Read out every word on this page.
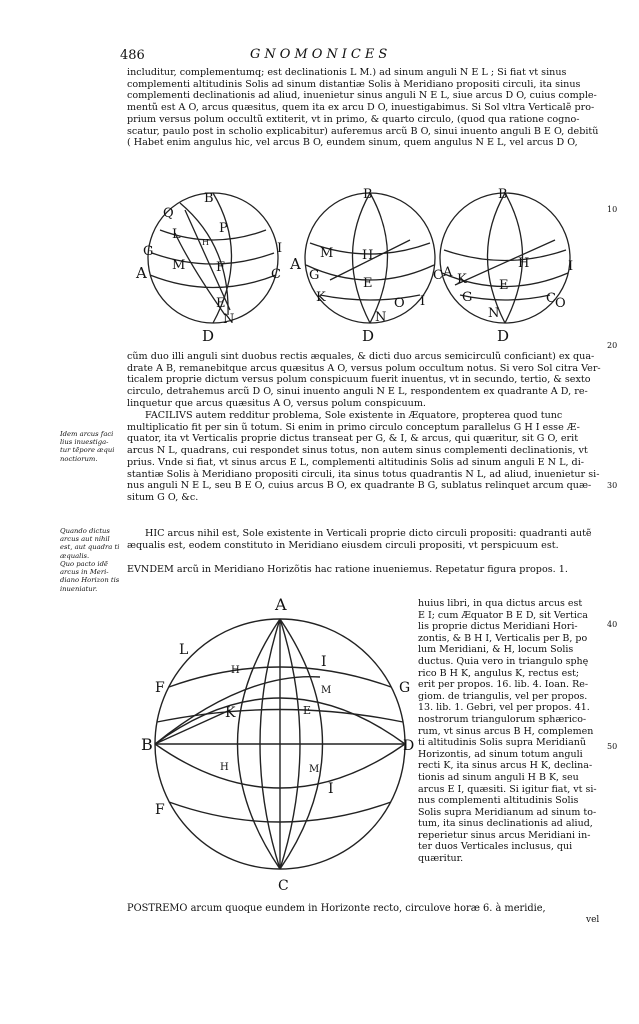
486	GNOMONICES
includitur, complementumq; est declinationis L M.) ad sinum anguli N E L ; Si fiat vt sinus
complementi altitudinis Solis ad sinum distantiæ Solis à Meridiano propositi circuli, ita sinus
complementi declinationis ad aliud, inuenietur sinus anguli N E L, siue arcus D O, cuius comple-
mentũ est A O, arcus quæsitus, quem ita ex arcu D O, inuestigabimus. Si Sol vltra Verticalẽ pro-
prium versus polum occultũ extiterit, vt in primo, & quarto circulo, (quod qua ratione cogno-
scatur, paulo post in scholio explicabitur) auferemus arcũ B O, sinui inuento anguli B E O, debitũ
( Habet enim angulus hic, vel arcus B O, eundem sinum, quem angulus N E L, vel arcus D O,
10
Q
B
P
L
H
G	I
M F
A	C
E
N
D
B
M H
A
G
K
E
O
C
I
N
D
B
H
A K
G
E
I
C
N
O
D
20
cũm duo illi anguli sint duobus rectis æquales, & dicti duo arcus semicirculũ conficiant) ex qua-
drate A B, remanebitque arcus quæsitus A O, versus polum occultum notus. Si vero Sol citra Ver-
ticalem proprie dictum versus polum conspicuum fuerit inuentus, vt in secundo, tertio, & sexto
circulo, detrahemus arcũ D O, sinui inuento anguli N E L, respondentem ex quadrante A D, re-
linquetur que arcus quæsitus A O, versus polum conspicuum.
FACILIVS autem redditur problema, Sole existente in Æquatore, propterea quod tunc
multiplicatio fit per sin ũ totum. Si enim in primo circulo conceptum parallelus G H I esse Æ-
quator, ita vt Verticalis proprie dictus transeat per G, & I, & arcus, qui quæritur, sit G O, erit
arcus N L, quadrans, cui respondet sinus totus, non autem sinus complementi declinationis, vt
prius. Vnde si fiat, vt sinus arcus E L, complementi altitudinis Solis ad sinum anguli E N L, di-
stantiæ Solis à Meridiano propositi circuli, ita sinus totus quadrantis N L, ad aliud, inuenietur si-
nus anguli N E L, seu B E O, cuius arcus B O, ex quadrante B G, sublatus relinquet arcum quæ-
situm G O, &c.
30
HIC arcus nihil est, Sole existente in Verticali proprie dicto circuli propositi: quadranti autẽ
æqualis est, eodem constituto in Meridiano eiusdem circuli propositi, vt perspicuum est.
EVNDEM arcũ in Meridiano Horizõtis hac ratione inueniemus. Repetatur figura propos. 1.
Idem arcus faci lius inuestiga- tur tẽpore æqui noctiorum.
Quando dictus arcus aut nihil est, aut quadra ti æqualis.
Quo pacto idẽ arcus in Meri- diano Horizon tis inueniatur.
A
L
H
I
M
F	G
K	E
B	D
H	M
F
I
C
huius libri, in qua dictus arcus est
E I; cum Æquator B E D, sit Vertica
lis proprie dictus Meridiani Hori-
zontis, & B H I, Verticalis per B, po
lum Meridiani, & H, locum Solis
ductus. Quia vero in triangulo sphę
rico B H K, angulus K, rectus est;
erit per propos. 16. lib. 4. Ioan. Re-
giom. de triangulis, vel per propos.
13. lib. 1. Gebri, vel per propos. 41.
nostrorum triangulorum sphærico-
rum, vt sinus arcus B H, complemen
ti altitudinis Solis supra Meridianũ
Horizontis, ad sinum totum anguli
recti K, ita sinus arcus H K, declina-
tionis ad sinum anguli H B K, seu
arcus E I, quæsiti. Si igitur fiat, vt si-
nus complementi altitudinis Solis
Solis supra Meridianum ad sinum to-
tum, ita sinus declinationis ad aliud,
reperietur sinus arcus Meridiani in-
ter duos Verticales inclusus, qui
quæritur.
40
50
POSTREMO arcum quoque eundem in Horizonte recto, circulove horæ 6. à meridie,
vel
